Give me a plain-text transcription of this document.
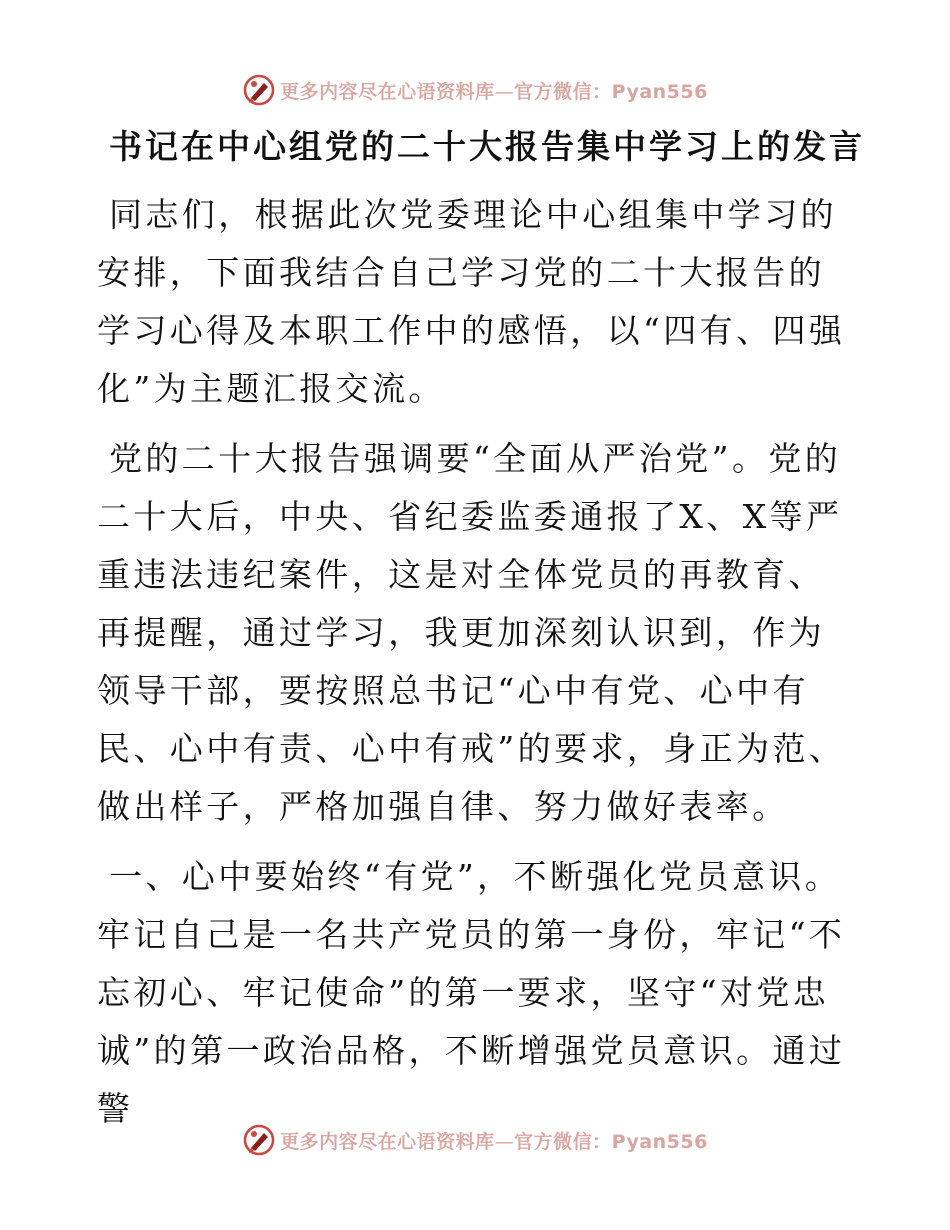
更多内容尽在心语资料库—官方微信：Pyan556
书记在中心组党的二十大报告集中学习上的发言

同志们，根据此次党委理论中心组集中学习的安排，下面我结合自己学习党的二十大报告的学习心得及本职工作中的感悟，以“四有、四强化”为主题汇报交流。

党的二十大报告强调要“全面从严治党”。党的二十大后，中央、省纪委监委通报了X、X等严重违法违纪案件，这是对全体党员的再教育、再提醒，通过学习，我更加深刻认识到，作为领导干部，要按照总书记“心中有党、心中有民、心中有责、心中有戒”的要求，身正为范、做出样子，严格加强自律、努力做好表率。

一、心中要始终“有党”，不断强化党员意识。牢记自己是一名共产党员的第一身份，牢记“不忘初心、牢记使命”的第一要求，坚守“对党忠诚”的第一政治品格，不断增强党员意识。通过警

更多内容尽在心语资料库—官方微信：Pyan556
